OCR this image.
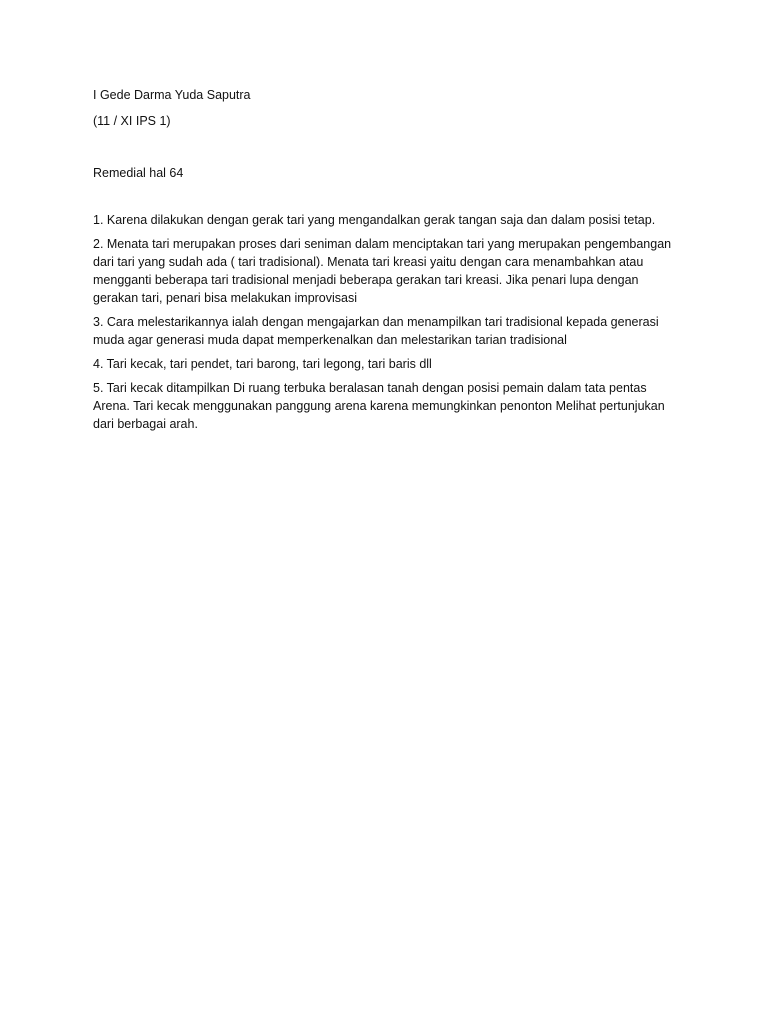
I Gede Darma Yuda Saputra

(11 / XI IPS 1)

Remedial hal 64

1. Karena dilakukan dengan gerak tari yang mengandalkan gerak tangan saja dan dalam posisi tetap.

2. Menata tari merupakan proses dari seniman dalam menciptakan tari yang merupakan pengembangan dari tari yang sudah ada ( tari tradisional). Menata tari kreasi yaitu dengan cara menambahkan atau mengganti beberapa tari tradisional menjadi beberapa gerakan tari kreasi. Jika penari lupa dengan gerakan tari, penari bisa melakukan improvisasi

3. Cara melestarikannya ialah dengan mengajarkan dan menampilkan tari tradisional kepada generasi muda agar generasi muda dapat memperkenalkan dan melestarikan tarian tradisional

4. Tari kecak, tari pendet, tari barong, tari legong, tari baris dll

5. Tari kecak ditampilkan Di ruang terbuka beralasan tanah dengan posisi pemain dalam tata pentas Arena. Tari kecak menggunakan panggung arena karena memungkinkan penonton Melihat pertunjukan dari berbagai arah.
